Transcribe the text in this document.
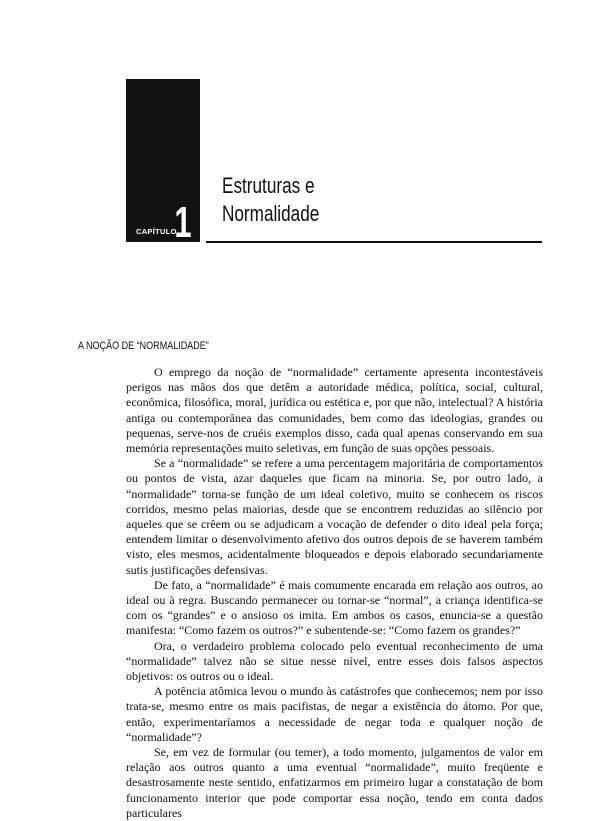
CAPÍTULO
1
Estruturas e
Normalidade
A NOÇÃO DE “NORMALIDADE”

O emprego da noção de “normalidade” certamente apresenta incontestáveis perigos nas mãos dos que detêm a autoridade médica, política, social, cultural, econômica, filosófica, moral, jurídica ou estética e, por que não, intelectual? A história antiga ou contemporânea das comunidades, bem como das ideologias, grandes ou pequenas, serve-nos de cruéis exemplos disso, cada qual apenas conservando em sua memória representações muito seletivas, em função de suas opções pessoais.

Se a “normalidade” se refere a uma percentagem majoritária de comportamentos ou pontos de vista, azar daqueles que ficam na minoria. Se, por outro lado, a “normalidade” torna-se função de um ideal coletivo, muito se conhecem os riscos corridos, mesmo pelas maiorias, desde que se encontrem reduzidas ao silêncio por aqueles que se crêem ou se adjudicam a vocação de defender o dito ideal pela força; entendem limitar o desenvolvimento afetivo dos outros depois de se haverem também visto, eles mesmos, acidentalmente bloqueados e depois elaborado secundariamente sutis justificações defensivas.

De fato, a “normalidade” é mais comumente encarada em relação aos outros, ao ideal ou à regra. Buscando permanecer ou tornar-se “normal”, a criança identifica-se com os “grandes” e o ansioso os imita. Em ambos os casos, enuncia-se a questão manifesta: “Como fazem os outros?” e subentende-se: “Como fazem os grandes?”

Ora, o verdadeiro problema colocado pelo eventual reconhecimento de uma “normalidade” talvez não se situe nesse nível, entre esses dois falsos aspectos objetivos: os outros ou o ideal.

A potência atômica levou o mundo às catástrofes que conhecemos; nem por isso trata-se, mesmo entre os mais pacifistas, de negar a existência do átomo. Por que, então, experimentaríamos a necessidade de negar toda e qualquer noção de “normalidade”?

Se, em vez de formular (ou temer), a todo momento, julgamentos de valor em relação aos outros quanto a uma eventual “normalidade”, muito freqüente e desastrosamente neste sentido, enfatizarmos em primeiro lugar a constatação de bom funcionamento interior que pode comportar essa noção, tendo em conta dados particulares
